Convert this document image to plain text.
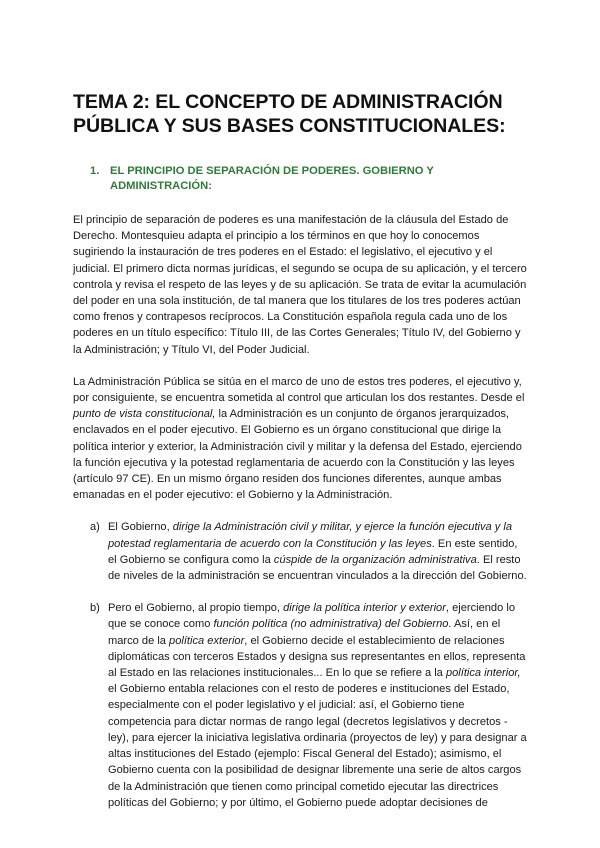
TEMA 2: EL CONCEPTO DE ADMINISTRACIÓN
PÚBLICA Y SUS BASES CONSTITUCIONALES:
1. EL PRINCIPIO DE SEPARACIÓN DE PODERES. GOBIERNO Y
ADMINISTRACIÓN:

El principio de separación de poderes es una manifestación de la cláusula del Estado de
Derecho. Montesquieu adapta el principio a los términos en que hoy lo conocemos
sugiriendo la instauración de tres poderes en el Estado: el legislativo, el ejecutivo y el
judicial. El primero dicta normas jurídicas, el segundo se ocupa de su aplicación, y el tercero
controla y revisa el respeto de las leyes y de su aplicación. Se trata de evitar la acumulación
del poder en una sola institución, de tal manera que los titulares de los tres poderes actúan
como frenos y contrapesos recíprocos. La Constitución española regula cada uno de los
poderes en un título específico: Título III, de las Cortes Generales; Título IV, del Gobierno y
la Administración; y Título VI, del Poder Judicial.

La Administración Pública se sitúa en el marco de uno de estos tres poderes, el ejecutivo y,
por consiguiente, se encuentra sometida al control que articulan los dos restantes. Desde el
punto de vista constitucional, la Administración es un conjunto de órganos jerarquizados,
enclavados en el poder ejecutivo. El Gobierno es un órgano constitucional que dirige la
política interior y exterior, la Administración civil y militar y la defensa del Estado, ejerciendo
la función ejecutiva y la potestad reglamentaria de acuerdo con la Constitución y las leyes
(artículo 97 CE). En un mismo órgano residen dos funciones diferentes, aunque ambas
emanadas en el poder ejecutivo: el Gobierno y la Administración.

a) El Gobierno, dirige la Administración civil y militar, y ejerce la función ejecutiva y la
potestad reglamentaria de acuerdo con la Constitución y las leyes. En este sentido,
el Gobierno se configura como la cúspide de la organización administrativa. El resto
de niveles de la administración se encuentran vinculados a la dirección del Gobierno.
b) Pero el Gobierno, al propio tiempo, dirige la política interior y exterior, ejerciendo lo
que se conoce como función política (no administrativa) del Gobierno. Así, en el
marco de la política exterior, el Gobierno decide el establecimiento de relaciones
diplomáticas con terceros Estados y designa sus representantes en ellos, representa
al Estado en las relaciones institucionales... En lo que se refiere a la política interior,
el Gobierno entabla relaciones con el resto de poderes e instituciones del Estado,
especialmente con el poder legislativo y el judicial: así, el Gobierno tiene
competencia para dictar normas de rango legal (decretos legislativos y decretos -
ley), para ejercer la iniciativa legislativa ordinaria (proyectos de ley) y para designar a
altas instituciones del Estado (ejemplo: Fiscal General del Estado); asimismo, el
Gobierno cuenta con la posibilidad de designar libremente una serie de altos cargos
de la Administración que tienen como principal cometido ejecutar las directrices
políticas del Gobierno; y por último, el Gobierno puede adoptar decisiones de
